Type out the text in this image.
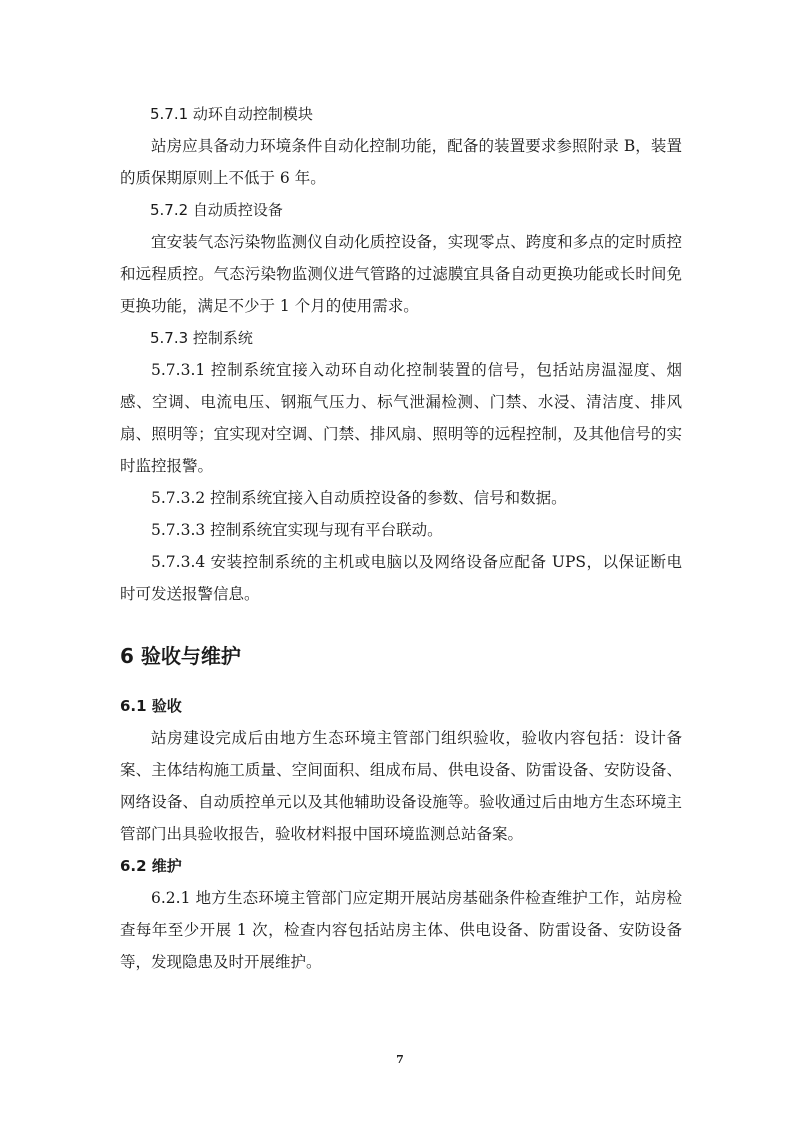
5.7.1 动环自动控制模块

站房应具备动力环境条件自动化控制功能，配备的装置要求参照附录 B，装置的质保期原则上不低于 6 年。

5.7.2 自动质控设备

宜安装气态污染物监测仪自动化质控设备，实现零点、跨度和多点的定时质控和远程质控。气态污染物监测仪进气管路的过滤膜宜具备自动更换功能或长时间免更换功能，满足不少于 1 个月的使用需求。

5.7.3 控制系统

5.7.3.1 控制系统宜接入动环自动化控制装置的信号，包括站房温湿度、烟感、空调、电流电压、钢瓶气压力、标气泄漏检测、门禁、水浸、清洁度、排风扇、照明等；宜实现对空调、门禁、排风扇、照明等的远程控制，及其他信号的实时监控报警。

5.7.3.2 控制系统宜接入自动质控设备的参数、信号和数据。

5.7.3.3 控制系统宜实现与现有平台联动。

5.7.3.4 安装控制系统的主机或电脑以及网络设备应配备 UPS，以保证断电时可发送报警信息。

6 验收与维护
6.1 验收

站房建设完成后由地方生态环境主管部门组织验收，验收内容包括：设计备案、主体结构施工质量、空间面积、组成布局、供电设备、防雷设备、安防设备、网络设备、自动质控单元以及其他辅助设备设施等。验收通过后由地方生态环境主管部门出具验收报告，验收材料报中国环境监测总站备案。

6.2 维护

6.2.1 地方生态环境主管部门应定期开展站房基础条件检查维护工作，站房检查每年至少开展 1 次，检查内容包括站房主体、供电设备、防雷设备、安防设备等，发现隐患及时开展维护。

7
